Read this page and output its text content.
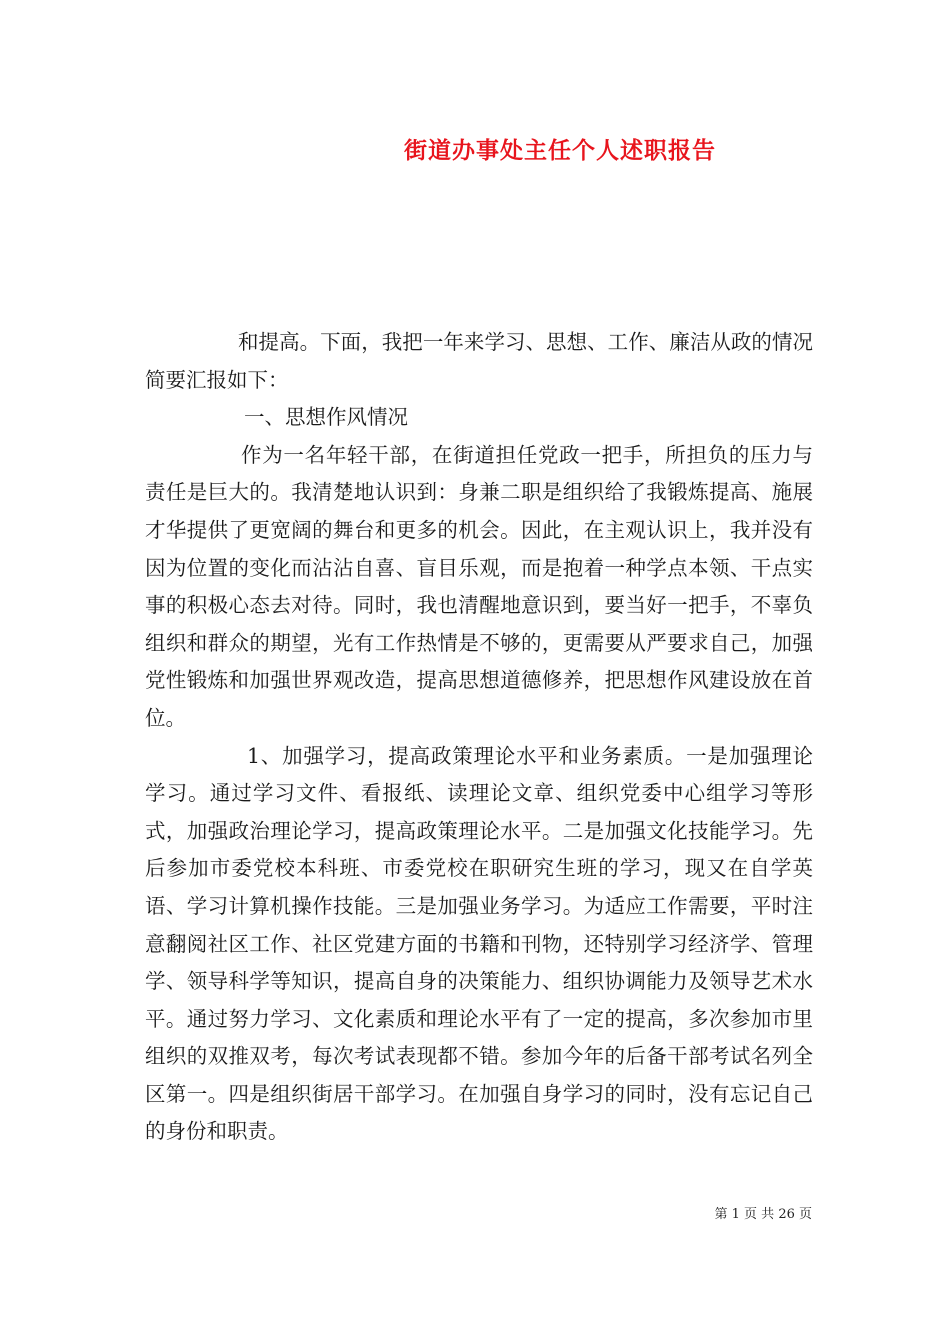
街道办事处主任个人述职报告

和提高。下面，我把一年来学习、思想、工作、廉洁从政的情况简要汇报如下：

一、思想作风情况

作为一名年轻干部，在街道担任党政一把手，所担负的压力与责任是巨大的。我清楚地认识到：身兼二职是组织给了我锻炼提高、施展才华提供了更宽阔的舞台和更多的机会。因此，在主观认识上，我并没有因为位置的变化而沾沾自喜、盲目乐观，而是抱着一种学点本领、干点实事的积极心态去对待。同时，我也清醒地意识到，要当好一把手，不辜负组织和群众的期望，光有工作热情是不够的，更需要从严要求自己，加强党性锻炼和加强世界观改造，提高思想道德修养，把思想作风建设放在首位。

1、加强学习，提高政策理论水平和业务素质。一是加强理论学习。通过学习文件、看报纸、读理论文章、组织党委中心组学习等形式，加强政治理论学习，提高政策理论水平。二是加强文化技能学习。先后参加市委党校本科班、市委党校在职研究生班的学习，现又在自学英语、学习计算机操作技能。三是加强业务学习。为适应工作需要，平时注意翻阅社区工作、社区党建方面的书籍和刊物，还特别学习经济学、管理学、领导科学等知识，提高自身的决策能力、组织协调能力及领导艺术水平。通过努力学习、文化素质和理论水平有了一定的提高，多次参加市里组织的双推双考，每次考试表现都不错。参加今年的后备干部考试名列全区第一。四是组织街居干部学习。在加强自身学习的同时，没有忘记自己的身份和职责。

第 1 页 共 26 页
